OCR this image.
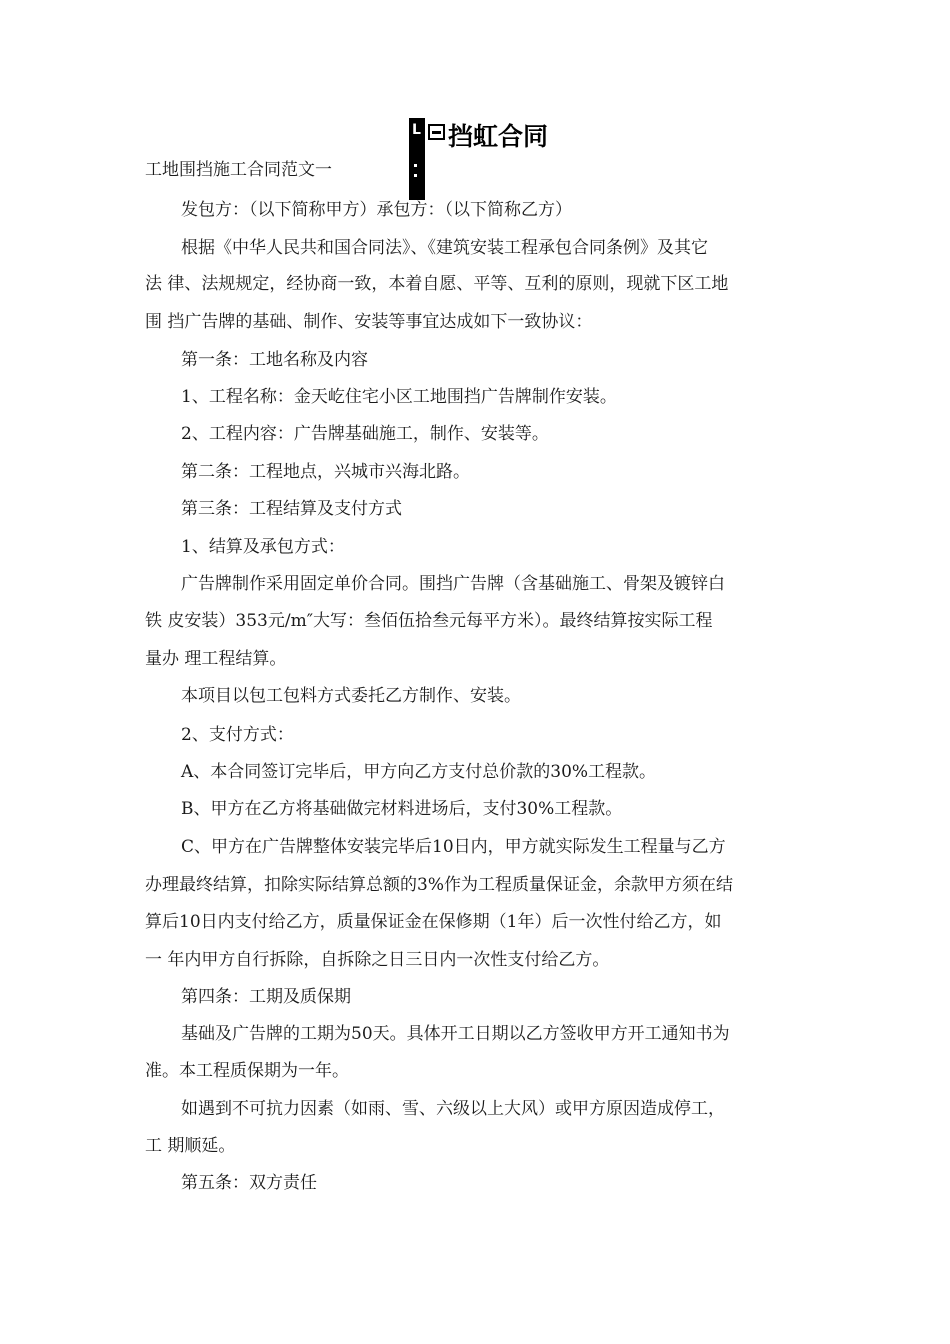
L 挡虹合同
工地围挡施工合同范文一
发包方：（以下简称甲方）承包方：（以下简称乙方）
根据《中华人民共和国合同法》、《建筑安装工程承包合同条例》及其它
法 律、法规规定，经协商一致，本着自愿、平等、互利的原则，现就下区工地
围 挡广告牌的基础、制作、安装等事宜达成如下一致协议：
第一条：工地名称及内容
1、工程名称：金天屹住宅小区工地围挡广告牌制作安装。
2、工程内容：广告牌基础施工，制作、安装等。
第二条：工程地点，兴城市兴海北路。
第三条：工程结算及支付方式
1、结算及承包方式：
广告牌制作采用固定单价合同。围挡广告牌（含基础施工、骨架及镀锌白
铁 皮安装）353元/m″大写：叁佰伍拾叁元每平方米）。最终结算按实际工程
量办 理工程结算。
本项目以包工包料方式委托乙方制作、安装。
2、支付方式：
A、本合同签订完毕后，甲方向乙方支付总价款的30%工程款。
B、甲方在乙方将基础做完材料进场后，支付30%工程款。
C、甲方在广告牌整体安装完毕后10日内，甲方就实际发生工程量与乙方
办理最终结算，扣除实际结算总额的3%作为工程质量保证金，余款甲方须在结
算后10日内支付给乙方，质量保证金在保修期（1年）后一次性付给乙方，如
一 年内甲方自行拆除，自拆除之日三日内一次性支付给乙方。
第四条：工期及质保期
基础及广告牌的工期为50天。具体开工日期以乙方签收甲方开工通知书为
准。本工程质保期为一年。
如遇到不可抗力因素（如雨、雪、六级以上大风）或甲方原因造成停工，
工 期顺延。
第五条：双方责任
